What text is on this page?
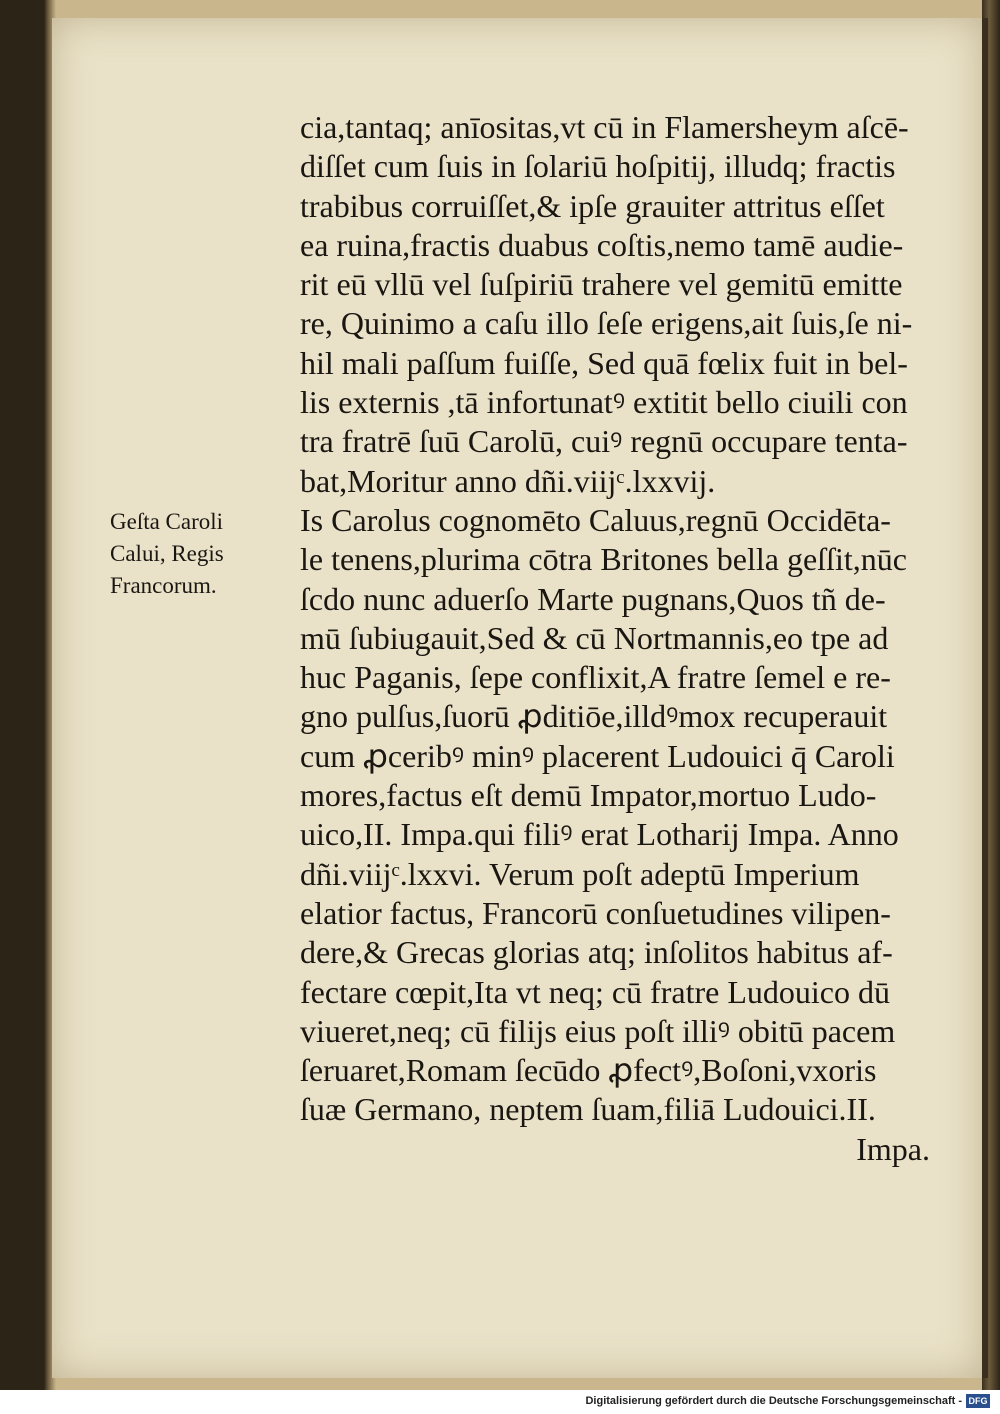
Geſta Caroli
Calui, Regis
Francorum.
cia,tantaq; anīositas,vt cū in Flamersheym aſcē-
diſſet cum ſuis in ſolariū hoſpitij, illudq; fractis
trabibus corruiſſet,& ipſe grauiter attritus eſſet
ea ruina,fractis duabus coſtis,nemo tamē audie-
rit eū vllū vel ſuſpiriū trahere vel gemitū emitte
re, Quinimo a caſu illo ſeſe erigens,ait ſuis,ſe ni-
hil mali paſſum fuiſſe, Sed quā fœlix fuit in bel-
lis externis ,tā infortunatꝰ extitit bello ciuili con
tra fratrē ſuū Carolū, cuiꝰ regnū occupare tenta-
bat,Moritur anno dñi.viijᶜ.lxxvij.
Is Carolus cognomēto Caluus,regnū Occidēta-
le tenens,plurima cōtra Britones bella geſſit,nūc
ſcdo nunc aduerſo Marte pugnans,Quos tñ de-
mū ſubiugauit,Sed & cū Nortmannis,eo tpe ad
huc Paganis, ſepe conflixit,A fratre ſemel e re-
gno pulſus,ſuorū ꝓditiōe,illdꝰmox recuperauit
cum ꝓceribꝰ minꝰ placerent Ludouici q̄ Caroli
mores,factus eſt demū Impator,mortuo Ludo-
uico,II. Impa.qui filiꝰ erat Lotharij Impa. Anno
dñi.viijᶜ.lxxvi. Verum poſt adeptū Imperium
elatior factus, Francorū conſuetudines vilipen-
dere,& Grecas glorias atq; inſolitos habitus af-
fectare cœpit,Ita vt neq; cū fratre Ludouico dū
viueret,neq; cū filijs eius poſt illiꝰ obitū pacem
ſeruaret,Romam ſecūdo ꝓfectꝰ,Boſoni,vxoris
ſuæ Germano, neptem ſuam,filiā Ludouici.II.
Impa.
Digitalisierung gefördert durch die Deutsche Forschungsgemeinschaft - DFG
